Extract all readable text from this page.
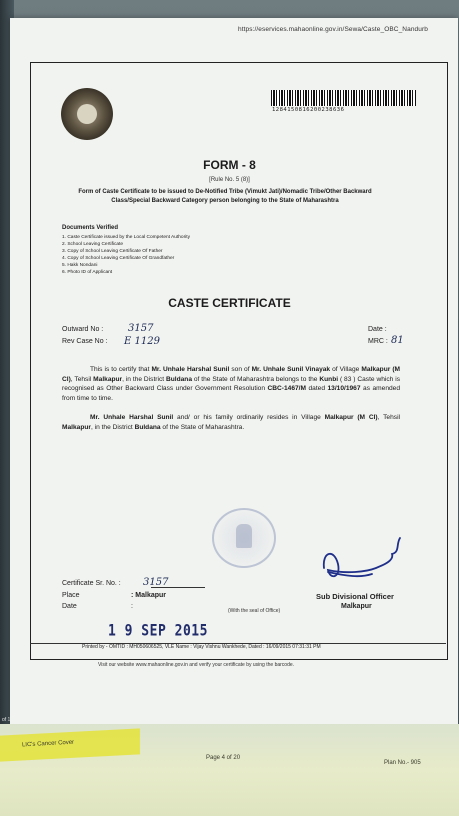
of 1
https://eservices.mahaonline.gov.in/Sewa/Caste_OBC_Nandurb
1284150816200238636
FORM - 8
[Rule No. 5 (8)]
Form of Caste Certificate to be issued to De-Notified Tribe (Vimukt Jati)/Nomadic Tribe/Other Backward Class/Special Backward Category person belonging to the State of Maharashtra
Documents Verified
1. Caste Certificate issued by the Local Competent Authority
2. School Leaving Certificate
3. Copy of School Leaving Certificate Of Father
4. Copy of School Leaving Certificate Of Grandfather
5. Hakk Nondani
6. Photo ID of Applicant
CASTE CERTIFICATE
Outward No : 3157
Rev Case No : E 1129
Date :
MRC : 81
This is to certify that Mr. Unhale Harshal Sunil son of Mr. Unhale Sunil Vinayak of Village Malkapur (M Cl), Tehsil Malkapur, in the District Buldana of the State of Maharashtra belongs to the Kunbi ( 83 ) Caste which is recognised as Other Backward Class under Government Resolution CBC-1467/M dated 13/10/1967 as amended from time to time.
Mr. Unhale Harshal Sunil and/ or his family ordinarily resides in Village Malkapur (M Cl), Tehsil Malkapur, in the District Buldana of the State of Maharashtra.
Certificate Sr. No. : 3157
Place	: Malkapur
Date	:
(With the seal of Office)
Sub Divisional Officer
Malkapur
1 9 SEP 2015
Printed by - OMTID : MH050606525, VLE Name : Vijay Vishnu Wankhede, Dated : 16/09/2015 07:31:31 PM
Visit our website www.mahaonline.gov.in and verify your certificate by using the barcode.
LIC's Cancer Cover
Page 4 of 20
Plan No.- 905
